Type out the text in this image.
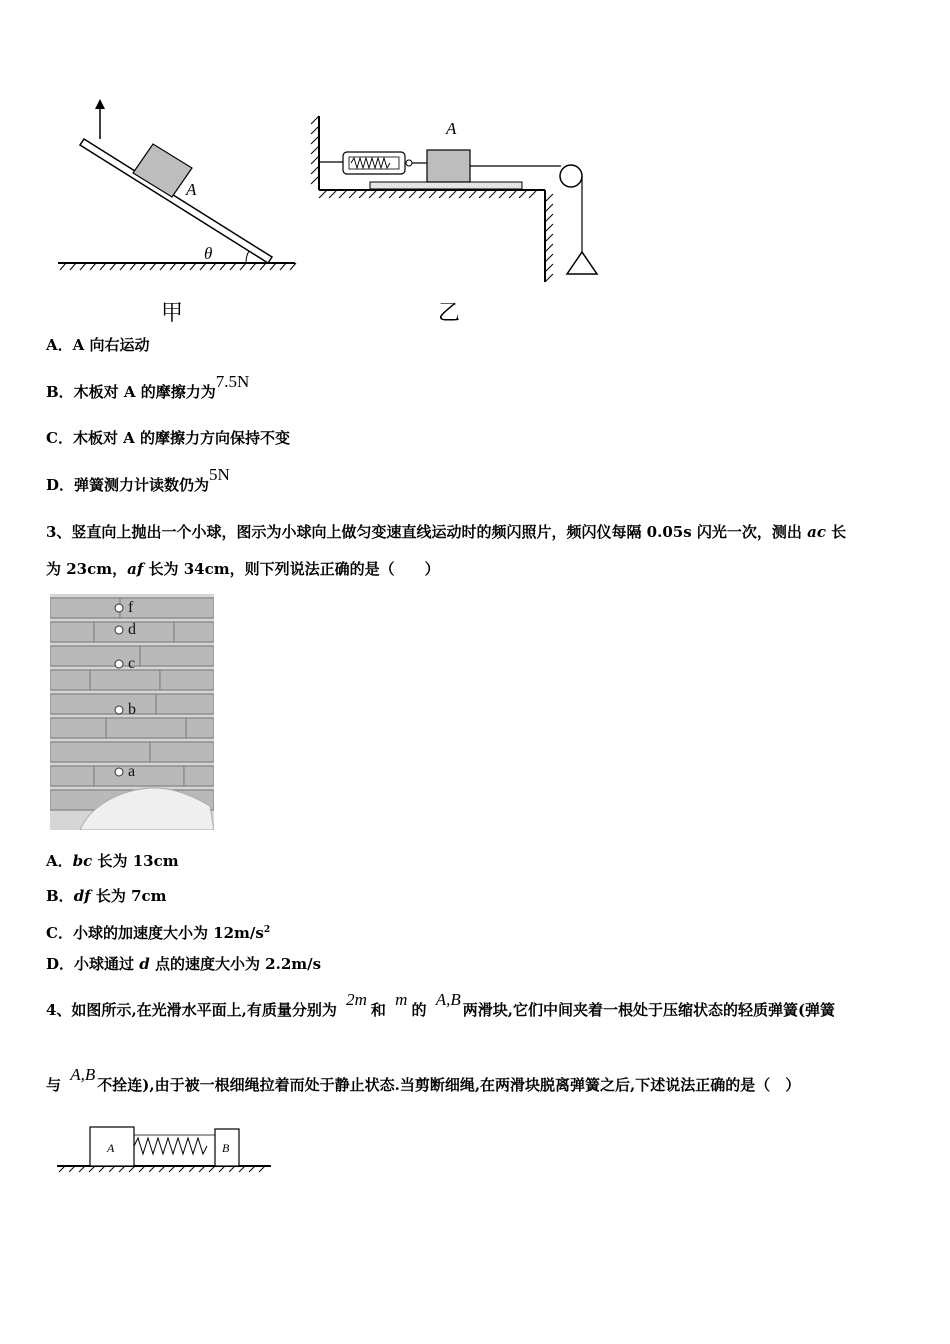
A
θ
甲
A
乙
A．A 向右运动
B．木板对 A 的摩擦力为7.5N
C．木板对 A 的摩擦力方向保持不变
D．弹簧测力计读数仍为5N
3、竖直向上抛出一个小球，图示为小球向上做匀变速直线运动时的频闪照片，频闪仪每隔 0.05s 闪光一次，测出 ac 长
为 23cm，af 长为 34cm，则下列说法正确的是（　　）
f
d
c
b
a
A．bc 长为 13cm
B．df 长为 7cm
C．小球的加速度大小为 $12m/s^2$
D．小球通过 d 点的速度大小为 2.2m/s
4、如图所示,在光滑水平面上,有质量分别为 2m和 m的 A,B两滑块,它们中间夹着一根处于压缩状态的轻质弹簧(弹簧
与 A,B不拴连),由于被一根细绳拉着而处于静止状态.当剪断细绳,在两滑块脱离弹簧之后,下述说法正确的是（　）
A	B
